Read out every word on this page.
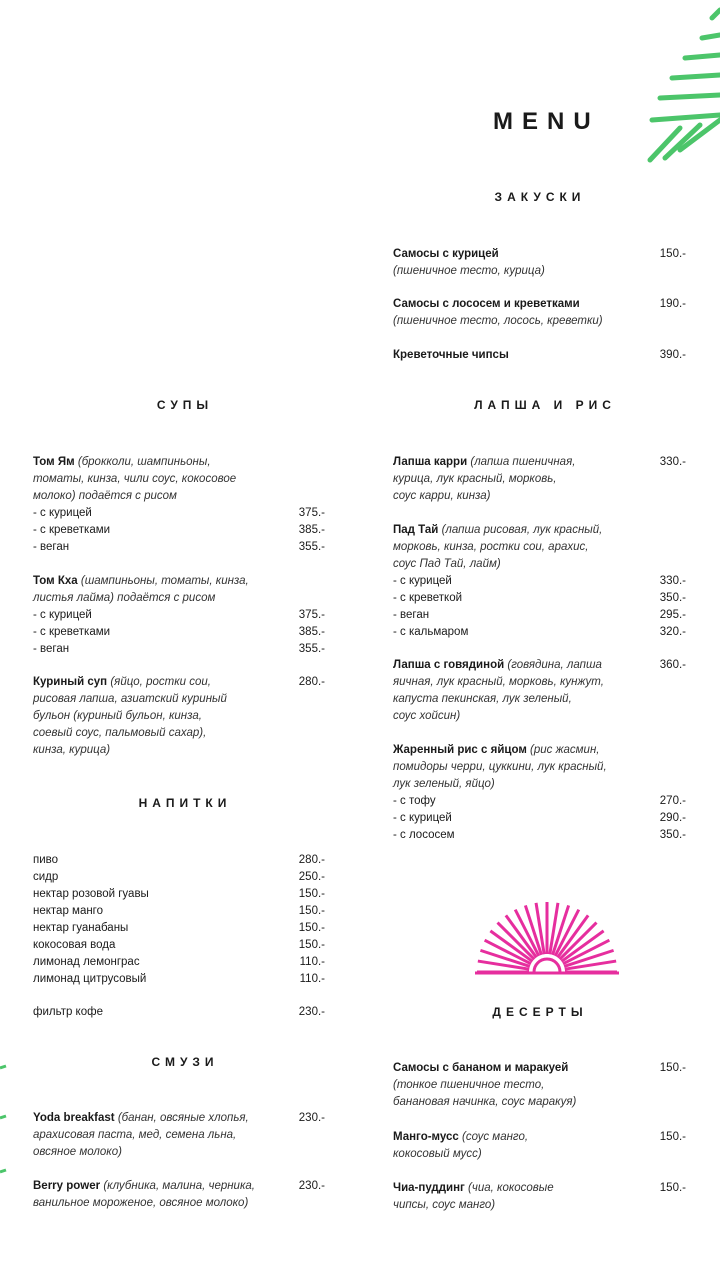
MENU
ЗАКУСКИ
Самосы с курицей	150.-
(пшеничное тесто, курица)
Самосы с лососем и креветками	190.-
(пшеничное тесто, лосось, креветки)
Креветочные чипсы	390.-
СУПЫ
Том Ям (брокколи, шампиньоны,
томаты, кинза, чили соус, кокосовое
молоко) подаётся с рисом
- с курицей	375.-
- с креветками	385.-
- веган	355.-
Том Кха (шампиньоны, томаты, кинза,
листья лайма) подаётся с рисом
- с курицей	375.-
- с креветками	385.-
- веган	355.-
Куриный суп (яйцо, ростки сои,	280.-
рисовая лапша, азиатский куриный
бульон (куриный бульон, кинза,
соевый соус, пальмовый сахар),
кинза, курица)
НАПИТКИ
пиво	280.-
сидр	250.-
нектар розовой гуавы	150.-
нектар манго	150.-
нектар гуанабаны	150.-
кокосовая вода	150.-
лимонад лемонграс	110.-
лимонад цитрусовый	110.-
фильтр кофе	230.-
СМУЗИ
Yoda breakfast (банан, овсяные хлопья,	230.-
арахисовая паста, мед, семена льна,
овсяное молоко)
Berry power (клубника, малина, черника,	230.-
ванильное мороженое, овсяное молоко)
ЛАПША И РИС
Лапша карри (лапша пшеничная,	330.-
курица, лук красный, морковь,
соус карри, кинза)
Пад Тай (лапша рисовая, лук красный,
морковь, кинза, ростки сои, арахис,
соус Пад Тай, лайм)
- с курицей	330.-
- с креветкой	350.-
- веган	295.-
- с кальмаром	320.-
Лапша с говядиной (говядина, лапша	360.-
яичная, лук красный, морковь, кунжут,
капуста пекинская, лук зеленый,
соус хойсин)
Жаренный рис с яйцом (рис жасмин,
помидоры черри, цуккини, лук красный,
лук зеленый, яйцо)
- с тофу	270.-
- с курицей	290.-
- с лососем	350.-
ДЕСЕРТЫ
Самосы с бананом и маракуей	150.-
(тонкое пшеничное тесто,
банановая начинка, соус маракуя)
Манго-мусс (соус манго,	150.-
кокосовый мусс)
Чиа-пуддинг (чиа, кокосовые	150.-
чипсы, соус манго)
